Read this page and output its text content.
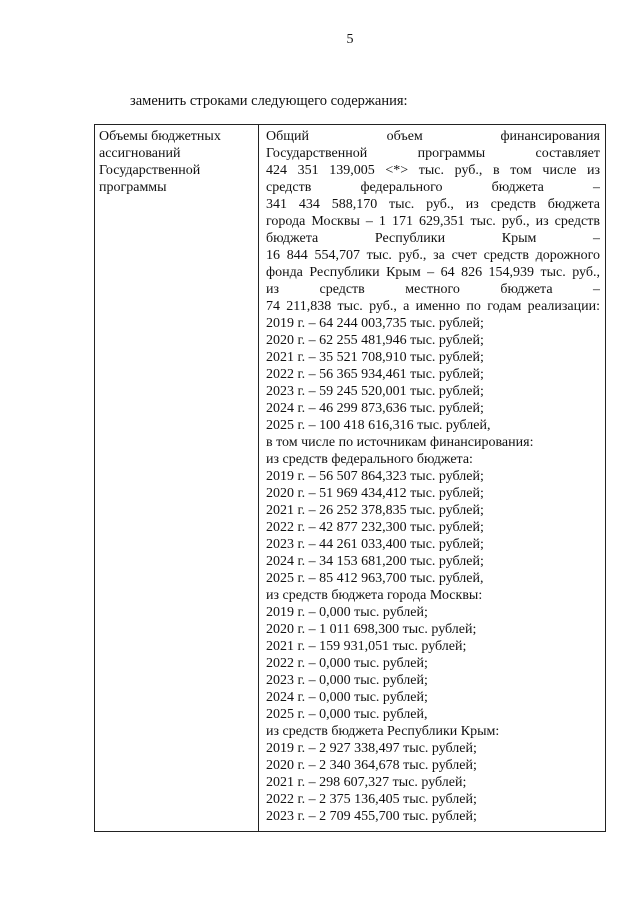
5
заменить строками следующего содержания:
Объемы бюджетных
ассигнований
Государственной
программы
Общий объем финансирования
Государственной программы составляет
424 351 139,005 <*> тыс. руб., в том числе из
средств федерального бюджета –
341 434 588,170 тыс. руб., из средств бюджета
города Москвы – 1 171 629,351 тыс. руб., из средств
бюджета Республики Крым –
16 844 554,707 тыс. руб., за счет средств дорожного
фонда Республики Крым – 64 826 154,939 тыс. руб.,
из средств местного бюджета –
74 211,838 тыс. руб., а именно по годам реализации:
2019 г. – 64 244 003,735 тыс. рублей;
2020 г. – 62 255 481,946 тыс. рублей;
2021 г. – 35 521 708,910 тыс. рублей;
2022 г. – 56 365 934,461 тыс. рублей;
2023 г. – 59 245 520,001 тыс. рублей;
2024 г. – 46 299 873,636 тыс. рублей;
2025 г. – 100 418 616,316 тыс. рублей,
в том числе по источникам финансирования:
из средств федерального бюджета:
2019 г. – 56 507 864,323 тыс. рублей;
2020 г. – 51 969 434,412 тыс. рублей;
2021 г. – 26 252 378,835 тыс. рублей;
2022 г. – 42 877 232,300 тыс. рублей;
2023 г. – 44 261 033,400 тыс. рублей;
2024 г. – 34 153 681,200 тыс. рублей;
2025 г. – 85 412 963,700 тыс. рублей,
из средств бюджета города Москвы:
2019 г. – 0,000 тыс. рублей;
2020 г. – 1 011 698,300 тыс. рублей;
2021 г. – 159 931,051 тыс. рублей;
2022 г. – 0,000 тыс. рублей;
2023 г. – 0,000 тыс. рублей;
2024 г. – 0,000 тыс. рублей;
2025 г. – 0,000 тыс. рублей,
из средств бюджета Республики Крым:
2019 г. – 2 927 338,497 тыс. рублей;
2020 г. – 2 340 364,678 тыс. рублей;
2021 г. – 298 607,327 тыс. рублей;
2022 г. – 2 375 136,405 тыс. рублей;
2023 г. – 2 709 455,700 тыс. рублей;
